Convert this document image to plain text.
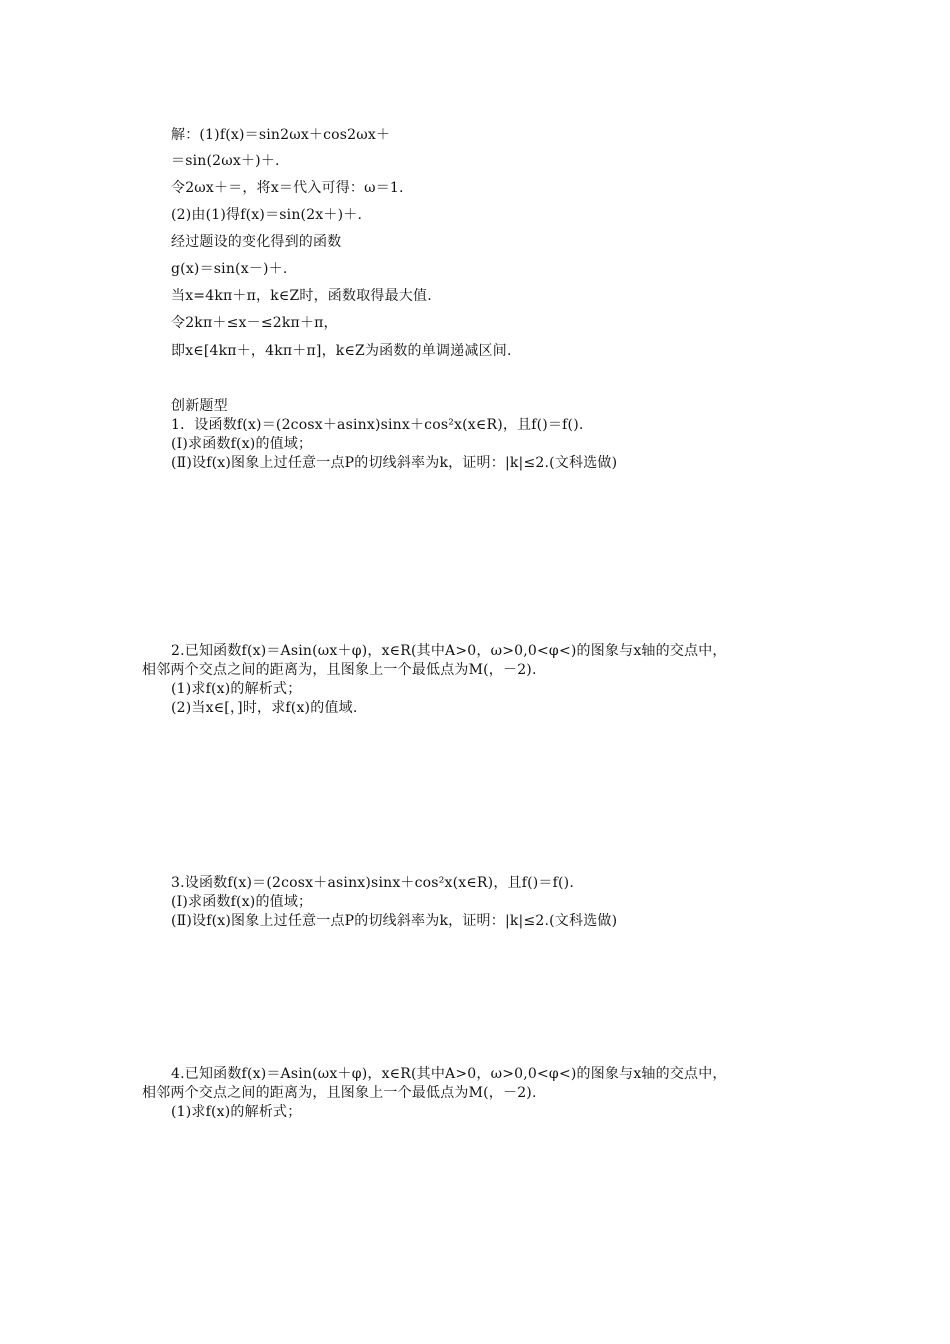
解：(1)f(x)＝sin2ωx＋cos2ωx＋
＝sin(2ωx＋)＋.
令2ωx＋＝，将x＝代入可得：ω＝1.
(2)由(1)得f(x)＝sin(2x＋)＋.
经过题设的变化得到的函数
g(x)＝sin(x－)＋.
当x=4kπ＋π，k∈Z时，函数取得最大值.
令2kπ＋≤x－≤2kπ＋π，
即x∈[4kπ＋，4kπ＋π]，k∈Z为函数的单调递减区间.
创新题型
1．设函数f(x)＝(2cosx＋asinx)sinx＋cos²x(x∈R)，且f()＝f().
(Ⅰ)求函数f(x)的值域；
(Ⅱ)设f(x)图象上过任意一点P的切线斜率为k，证明：|k|≤2.(文科选做)
2.已知函数f(x)＝Asin(ωx＋φ)，x∈R(其中A>0，ω>0,0<φ<)的图象与x轴的交点中，
相邻两个交点之间的距离为，且图象上一个最低点为M(，－2).
(1)求f(x)的解析式；
(2)当x∈[，]时，求f(x)的值域.
3.设函数f(x)＝(2cosx＋asinx)sinx＋cos²x(x∈R)，且f()＝f().
(Ⅰ)求函数f(x)的值域；
(Ⅱ)设f(x)图象上过任意一点P的切线斜率为k，证明：|k|≤2.(文科选做)
4.已知函数f(x)＝Asin(ωx＋φ)，x∈R(其中A>0，ω>0,0<φ<)的图象与x轴的交点中，
相邻两个交点之间的距离为，且图象上一个最低点为M(，－2).
(1)求f(x)的解析式；
